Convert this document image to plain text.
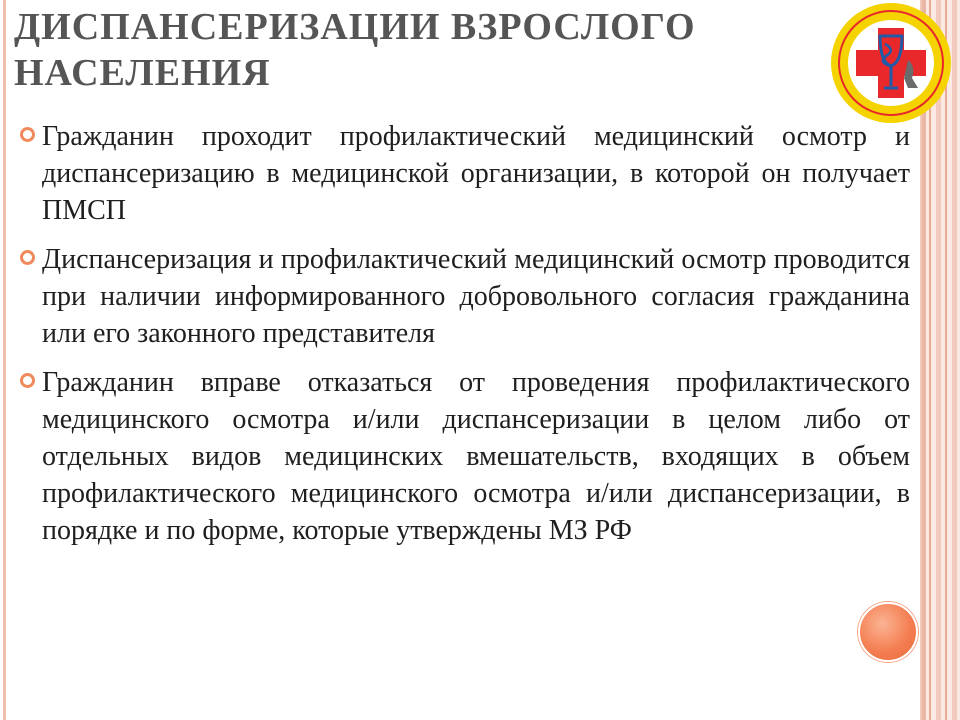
ДИСПАНСЕРИЗАЦИИ ВЗРОСЛОГО
НАСЕЛЕНИЯ
Гражданин проходит профилактический медицинский осмотр и диспансеризацию в медицинской организации, в которой он получает ПМСП
Диспансеризация и профилактический медицинский осмотр проводится при наличии информированного добровольного согласия гражданина или его законного представителя
Гражданин вправе отказаться от проведения профилактического медицинского осмотра и/или диспансеризации в целом либо от отдельных видов медицинских вмешательств, входящих в объем профилактического медицинского осмотра и/или диспансеризации, в порядке и по форме, которые утверждены МЗ РФ
